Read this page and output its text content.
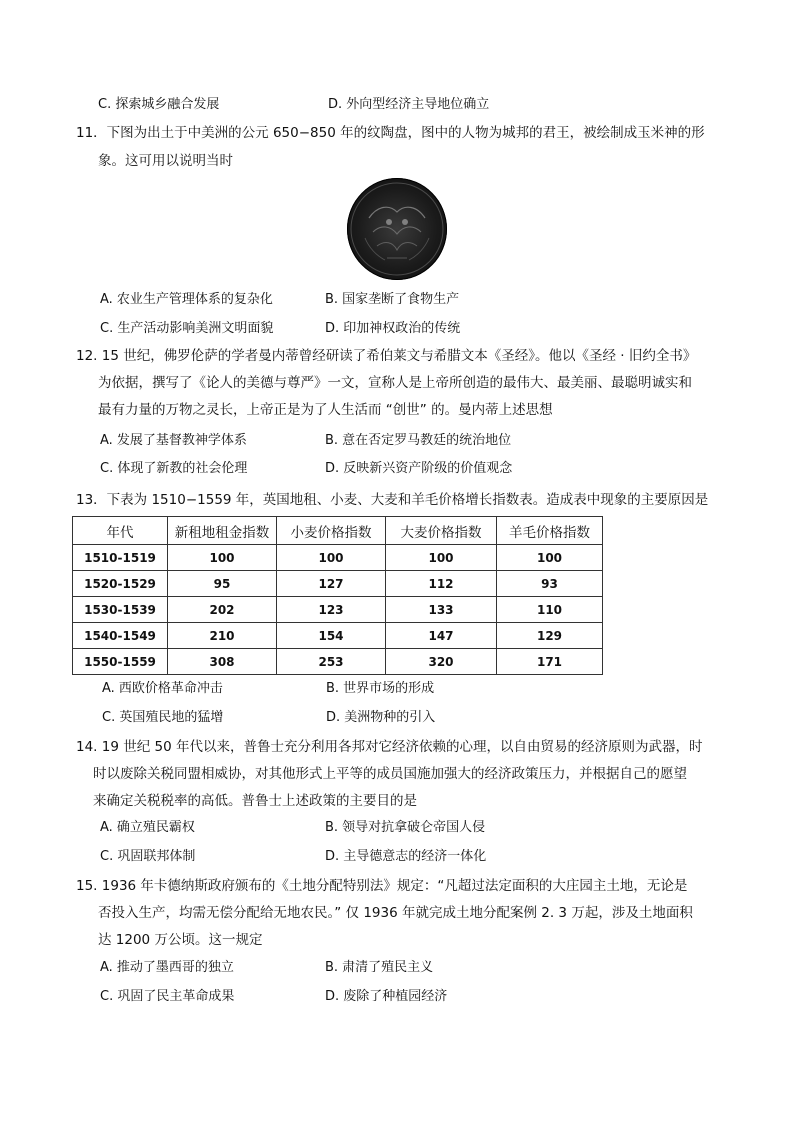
C. 探索城乡融合发展	D. 外向型经济主导地位确立
11．下图为出土于中美洲的公元 650−850 年的纹陶盘，图中的人物为城邦的君王，被绘制成玉米神的形
象。这可用以说明当时
A. 农业生产管理体系的复杂化	B. 国家垄断了食物生产
C. 生产活动影响美洲文明面貌	D. 印加神权政治的传统
12. 15 世纪，佛罗伦萨的学者曼内蒂曾经研读了希伯莱文与希腊文本《圣经》。他以《圣经 · 旧约全书》
为依据，撰写了《论人的美德与尊严》一文，宣称人是上帝所创造的最伟大、最美丽、最聪明诚实和
最有力量的万物之灵长，上帝正是为了人生活而 “创世” 的。曼内蒂上述思想
A. 发展了基督教神学体系	B. 意在否定罗马教廷的统治地位
C. 体现了新教的社会伦理	D. 反映新兴资产阶级的价值观念
13．下表为 1510−1559 年，英国地租、小麦、大麦和羊毛价格增长指数表。造成表中现象的主要原因是
年代	新租地租金指数	小麦价格指数	大麦价格指数	羊毛价格指数
1510-1519	100	100	100	100
1520-1529	95	127	112	93
1530-1539	202	123	133	110
1540-1549	210	154	147	129
1550-1559	308	253	320	171
A. 西欧价格革命冲击	B. 世界市场的形成
C. 英国殖民地的猛增	D. 美洲物种的引入
14. 19 世纪 50 年代以来，普鲁士充分利用各邦对它经济依赖的心理，以自由贸易的经济原则为武器，时
时以废除关税同盟相威协，对其他形式上平等的成员国施加强大的经济政策压力，并根据自己的愿望
来确定关税税率的高低。普鲁士上述政策的主要目的是
A. 确立殖民霸权	B. 领导对抗拿破仑帝国人侵
C. 巩固联邦体制	D. 主导德意志的经济一体化
15. 1936 年卡德纳斯政府颁布的《土地分配特别法》规定：“凡超过法定面积的大庄园主土地，无论是
否投入生产，均需无偿分配给无地农民。” 仅 1936 年就完成土地分配案例 2. 3 万起，涉及土地面积
达 1200 万公顷。这一规定
A. 推动了墨西哥的独立	B. 肃清了殖民主义
C. 巩固了民主革命成果	D. 废除了种植园经济
